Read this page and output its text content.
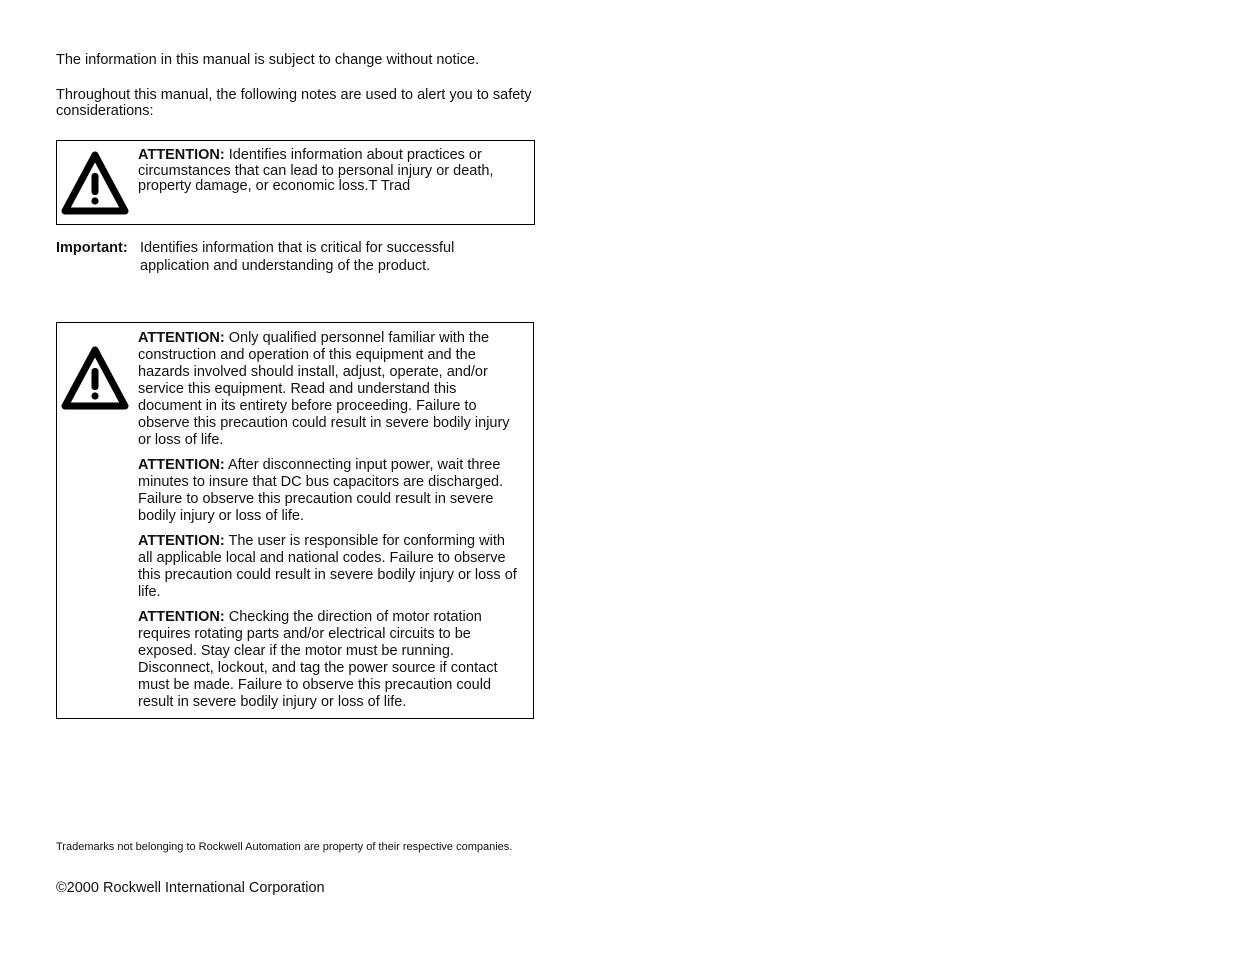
The information in this manual is subject to change without notice.
Throughout this manual, the following notes are used to alert you to safety considerations:
ATTENTION: Identifies information about practices or circumstances that can lead to personal injury or death, property damage, or economic loss.T Trad
Important: Identifies information that is critical for successful application and understanding of the product.

ATTENTION: Only qualified personnel familiar with the construction and operation of this equipment and the hazards involved should install, adjust, operate, and/or service this equipment. Read and understand this document in its entirety before proceeding. Failure to observe this precaution could result in severe bodily injury or loss of life.

ATTENTION: After disconnecting input power, wait three minutes to insure that DC bus capacitors are discharged. Failure to observe this precaution could result in severe bodily injury or loss of life.

ATTENTION: The user is responsible for conforming with all applicable local and national codes. Failure to observe this precaution could result in severe bodily injury or loss of life.

ATTENTION: Checking the direction of motor rotation requires rotating parts and/or electrical circuits to be exposed. Stay clear if the motor must be running. Disconnect, lockout, and tag the power source if contact must be made. Failure to observe this precaution could result in severe bodily injury or loss of life.

Trademarks not belonging to Rockwell Automation are property of their respective companies.
©2000 Rockwell International Corporation
